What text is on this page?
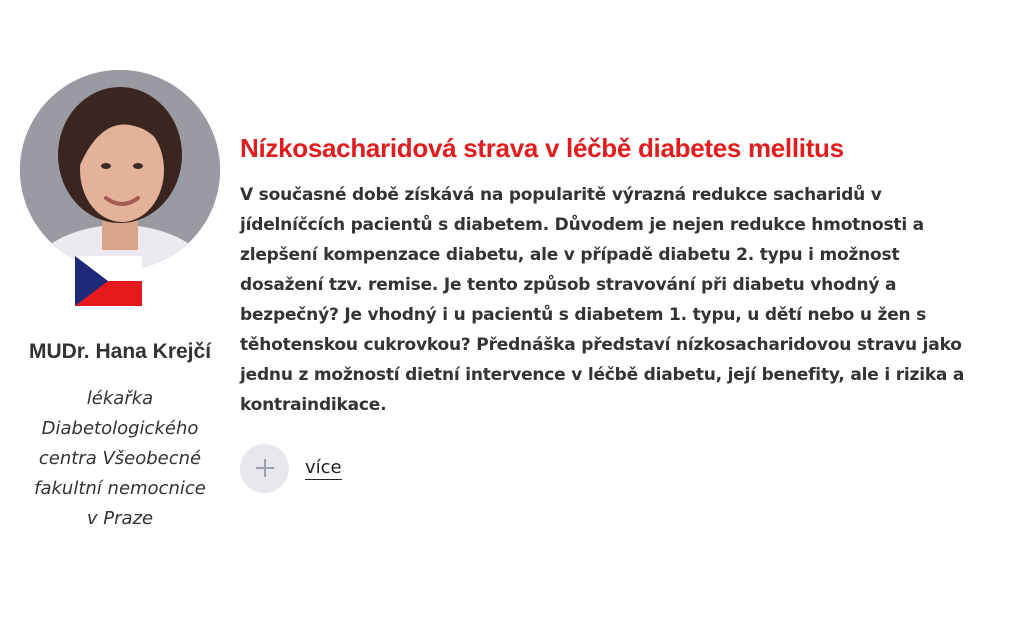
MUDr. Hana Krejčí
lékařka Diabetologického centra Všeobecné fakultní nemocnice v Praze
Nízkosacharidová strava v léčbě diabetes mellitus

V současné době získává na popularitě výrazná redukce sacharidů v jídelníčcích pacientů s diabetem. Důvodem je nejen redukce hmotnosti a zlepšení kompenzace diabetu, ale v případě diabetu 2. typu i možnost dosažení tzv. remise. Je tento způsob stravování při diabetu vhodný a bezpečný? Je vhodný i u pacientů s diabetem 1. typu, u dětí nebo u žen s těhotenskou cukrovkou? Přednáška představí nízkosacharidovou stravu jako jednu z možností dietní intervence v léčbě diabetu, její benefity, ale i rizika a kontraindikace.

více
